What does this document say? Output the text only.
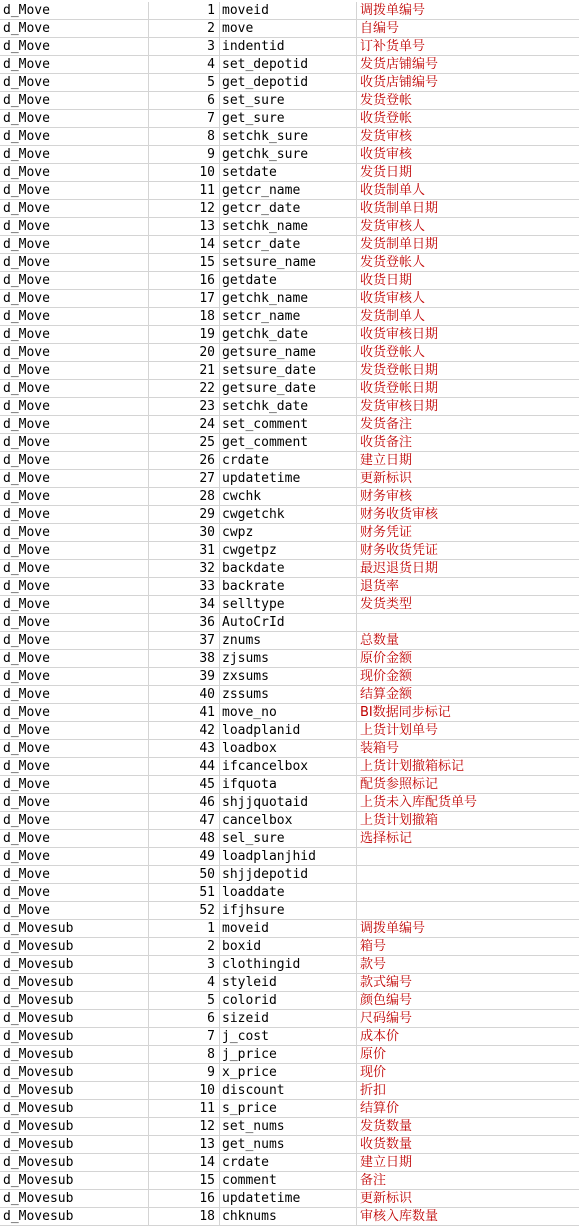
d_Move	1 moveid	调拨单编号
d_Move	2 move	自编号
d_Move	3 indentid	订补货单号
d_Move	4 set_depotid	发货店铺编号
d_Move	5 get_depotid	收货店铺编号
d_Move	6 set_sure	发货登帐
d_Move	7 get_sure	收货登帐
d_Move	8 setchk_sure	发货审核
d_Move	9 getchk_sure	收货审核
d_Move	10 setdate	发货日期
d_Move	11 getcr_name	收货制单人
d_Move	12 getcr_date	收货制单日期
d_Move	13 setchk_name	发货审核人
d_Move	14 setcr_date	发货制单日期
d_Move	15 setsure_name	发货登帐人
d_Move	16 getdate	收货日期
d_Move	17 getchk_name	收货审核人
d_Move	18 setcr_name	发货制单人
d_Move	19 getchk_date	收货审核日期
d_Move	20 getsure_name	收货登帐人
d_Move	21 setsure_date	发货登帐日期
d_Move	22 getsure_date	收货登帐日期
d_Move	23 setchk_date	发货审核日期
d_Move	24 set_comment	发货备注
d_Move	25 get_comment	收货备注
d_Move	26 crdate	建立日期
d_Move	27 updatetime	更新标识
d_Move	28 cwchk	财务审核
d_Move	29 cwgetchk	财务收货审核
d_Move	30 cwpz	财务凭证
d_Move	31 cwgetpz	财务收货凭证
d_Move	32 backdate	最迟退货日期
d_Move	33 backrate	退货率
d_Move	34 selltype	发货类型
d_Move	36 AutoCrId
d_Move	37 znums	总数量
d_Move	38 zjsums	原价金额
d_Move	39 zxsums	现价金额
d_Move	40 zssums	结算金额
d_Move	41 move_no	BI数据同步标记
d_Move	42 loadplanid	上货计划单号
d_Move	43 loadbox	装箱号
d_Move	44 ifcancelbox	上货计划撤箱标记
d_Move	45 ifquota	配货参照标记
d_Move	46 shjjquotaid	上货未入库配货单号
d_Move	47 cancelbox	上货计划撤箱
d_Move	48 sel_sure	选择标记
d_Move	49 loadplanjhid
d_Move	50 shjjdepotid
d_Move	51 loaddate
d_Move	52 ifjhsure
d_Movesub	1 moveid	调拨单编号
d_Movesub	2 boxid	箱号
d_Movesub	3 clothingid	款号
d_Movesub	4 styleid	款式编号
d_Movesub	5 colorid	颜色编号
d_Movesub	6 sizeid	尺码编号
d_Movesub	7 j_cost	成本价
d_Movesub	8 j_price	原价
d_Movesub	9 x_price	现价
d_Movesub	10 discount	折扣
d_Movesub	11 s_price	结算价
d_Movesub	12 set_nums	发货数量
d_Movesub	13 get_nums	收货数量
d_Movesub	14 crdate	建立日期
d_Movesub	15 comment	备注
d_Movesub	16 updatetime	更新标识
d_Movesub	18 chknums	审核入库数量
